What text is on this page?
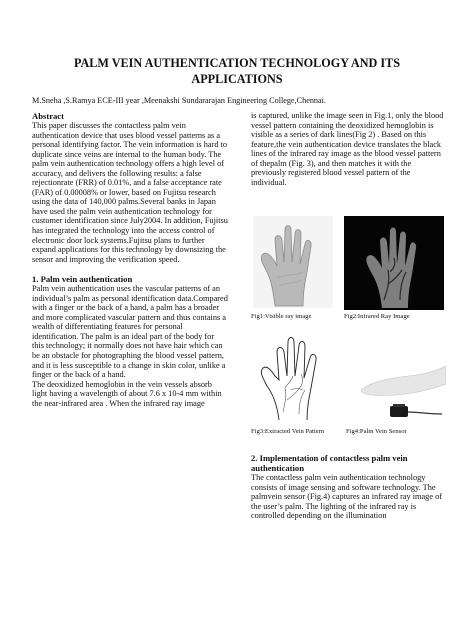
PALM VEIN AUTHENTICATION TECHNOLOGY AND ITS
APPLICATIONS
M.Sneha ,S.Ramya ECE-III year ,Meenakshi Sundararajan Engineering College,Chennai.

Abstract

This paper discusses the contactless palm vein authentication device that uses blood vessel patterns as a personal identifying factor. The vein information is hard to duplicate since veins are internal to the human body. The palm vein authentication technology offers a high level of accuracy, and delivers the following results: a false rejectionrate (FRR) of 0.01%, and a false acceptance rate (FAR) of 0.00008% or lower, based on Fujitsu research using the data of 140,000 palms.Several banks in Japan have used the palm vein authentication technology for customer identification since July2004. In addition, Fujitsu has integrated the technology into the access control of electronic door lock systems.Fujitsu plans to further expand applications for this technology by downsizing the sensor and improving the verification speed.

1. Palm vein authentication

Palm vein authentication uses the vascular patterns of an individual’s palm as personal identification data.Compared with a finger or the back of a hand, a palm has a broader and more complicated vascular pattern and thus contains a wealth of differentiating features for personal identification. The palm is an ideal part of the body for this technology; it normally does not have hair which can be an obstacle for photographing the blood vessel pattern, and it is less susceptible to a change in skin color, unlike a finger or the back of a hand.

The deoxidized hemoglobin in the vein vessels absorb light having a wavelength of about 7.6 x 10-4 mm within the near-infrared area . When the infrared ray image

is captured, unlike the image seen in Fig.1, only the blood vessel pattern containing the deoxidized hemoglobin is visible as a series of dark lines(Fig 2) . Based on this feature,the vein authentication device translates the black lines of the infrared ray image as the blood vessel pattern of thepalm (Fig. 3), and then matches it with the previously registered blood vessel pattern of the individual.
Fig1:Visible ray image	Fig2:Infrared Ray Image
Fig3:Extracted Vein Pattern	Fig4:Palm Vein Sensor

2. Implementation of contactless palm vein authentication

The contactless palm vein authentication technology consists of image sensing and software technology. The palmvein sensor (Fig.4) captures an infrared ray image of the user’s palm. The lighting of the infrared ray is controlled depending on the illumination
